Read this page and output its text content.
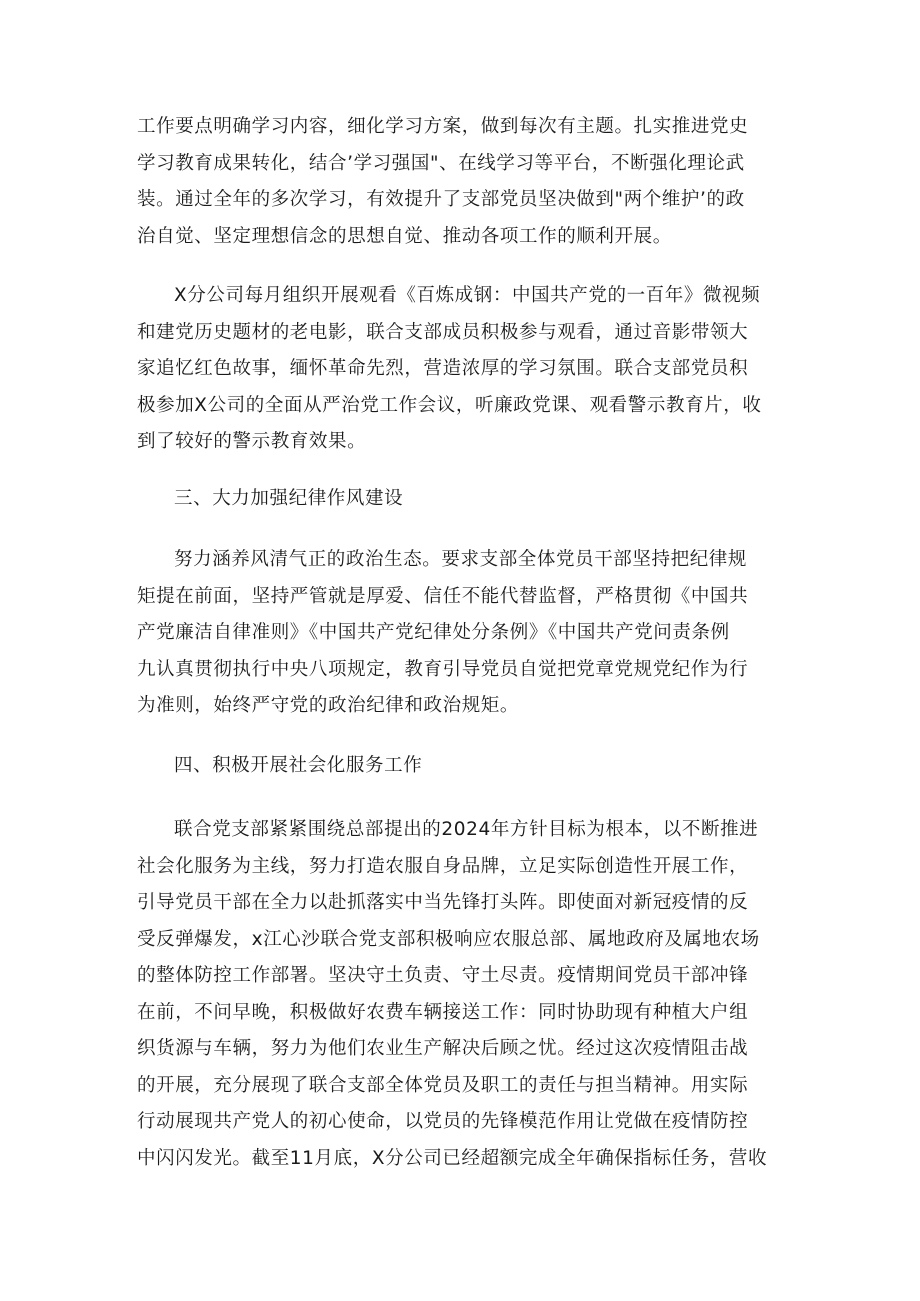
工作要点明确学习内容，细化学习方案，做到每次有主题。扎实推进党史
学习教育成果转化，结合’学习强国"、在线学习等平台，不断强化理论武
装。通过全年的多次学习，有效提升了支部党员坚决做到"两个维护’的政
治自觉、坚定理想信念的思想自觉、推动各项工作的顺利开展。
X分公司每月组织开展观看《百炼成钢：中国共产党的一百年》微视频
和建党历史题材的老电影，联合支部成员积极参与观看，通过音影带领大
家追忆红色故事，缅怀革命先烈，营造浓厚的学习氛围。联合支部党员积
极参加X公司的全面从严治党工作会议，听廉政党课、观看警示教育片，收
到了较好的警示教育效果。
三、大力加强纪律作风建设
努力涵养风清气正的政治生态。要求支部全体党员干部坚持把纪律规
矩提在前面，坚持严管就是厚爱、信任不能代替监督，严格贯彻《中国共
产党廉洁自律准则》《中国共产党纪律处分条例》《中国共产党问责条例
九认真贯彻执行中央八项规定，教育引导党员自觉把党章党规党纪作为行
为准则，始终严守党的政治纪律和政治规矩。
四、积极开展社会化服务工作
联合党支部紧紧围绕总部提出的2024年方针目标为根本，以不断推进
社会化服务为主线，努力打造农服自身品牌，立足实际创造性开展工作，
引导党员干部在全力以赴抓落实中当先锋打头阵。即使面对新冠疫情的反
受反弹爆发，x江心沙联合党支部积极响应农服总部、属地政府及属地农场
的整体防控工作部署。坚决守土负责、守土尽责。疫情期间党员干部冲锋
在前，不问早晚，积极做好农费车辆接送工作：同时协助现有种植大户组
织货源与车辆，努力为他们农业生产解决后顾之忧。经过这次疫情阻击战
的开展，充分展现了联合支部全体党员及职工的责任与担当精神。用实际
行动展现共产党人的初心使命，以党员的先锋模范作用让党做在疫情防控
中闪闪发光。截至11月底，X分公司已经超额完成全年确保指标任务，营收
